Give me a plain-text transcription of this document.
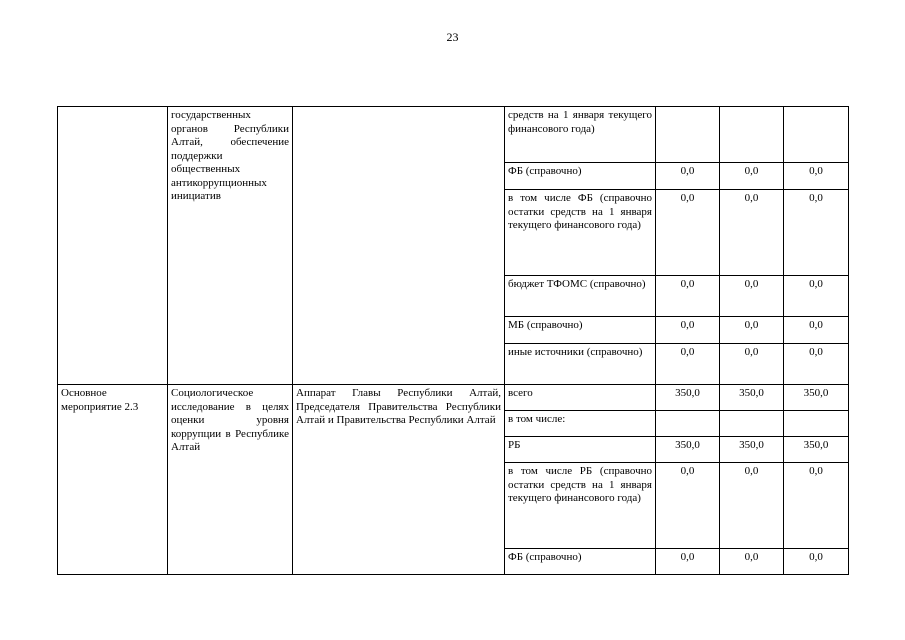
23
	государственных органов Республики Алтай, обеспечение поддержки общественных антикоррупционных инициатив		средств на 1 января текущего финансового года)			
			ФБ (справочно)	0,0	0,0	0,0
			в том числе ФБ (справочно остатки средств на 1 января текущего финансового года)	0,0	0,0	0,0
			бюджет ТФОМС (справочно)	0,0	0,0	0,0
			МБ (справочно)	0,0	0,0	0,0
			иные источники (справочно)	0,0	0,0	0,0
Основное мероприятие 2.3	Социологическое исследование в целях оценки уровня коррупции в Республике Алтай	Аппарат Главы Республики Алтай, Председателя Правительства Республики Алтай и Правительства Республики Алтай	всего	350,0	350,0	350,0
			в том числе:			
			РБ	350,0	350,0	350,0
			в том числе РБ (справочно остатки средств на 1 января текущего финансового года)	0,0	0,0	0,0
			ФБ (справочно)	0,0	0,0	0,0
